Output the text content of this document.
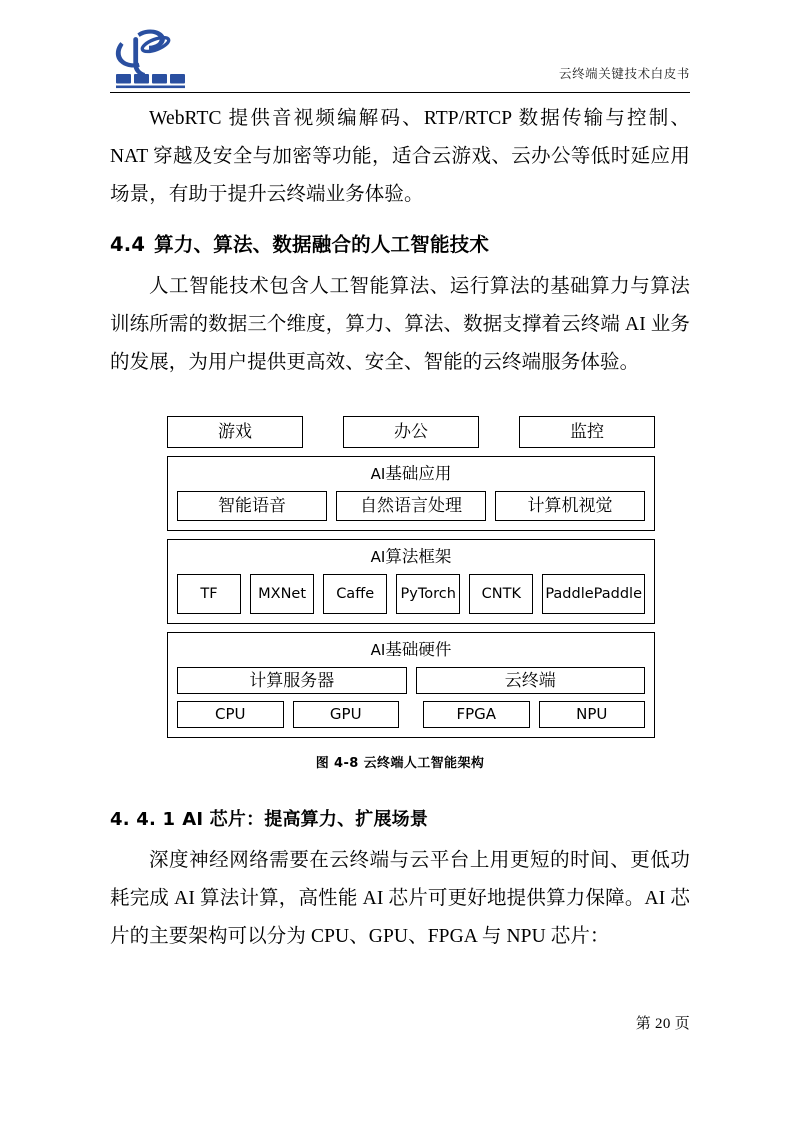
云终端关键技术白皮书

WebRTC 提供音视频编解码、RTP/RTCP 数据传输与控制、NAT 穿越及安全与加密等功能，适合云游戏、云办公等低时延应用场景，有助于提升云终端业务体验。

4.4 算力、算法、数据融合的人工智能技术

人工智能技术包含人工智能算法、运行算法的基础算力与算法训练所需的数据三个维度，算力、算法、数据支撑着云终端 AI 业务的发展，为用户提供更高效、安全、智能的云终端服务体验。

游戏	办公	监控
AI基础应用
智能语音	自然语言处理	计算机视觉
AI算法框架
TF	MXNet	Caffe	PyTorch	CNTK	PaddlePaddle
AI基础硬件
计算服务器	云终端
CPU	GPU	FPGA	NPU
图 4-8 云终端人工智能架构
4. 4. 1 AI 芯片：提高算力、扩展场景

深度神经网络需要在云终端与云平台上用更短的时间、更低功耗完成 AI 算法计算，高性能 AI 芯片可更好地提供算力保障。AI 芯片的主要架构可以分为 CPU、GPU、FPGA 与 NPU 芯片：

第 20 页
